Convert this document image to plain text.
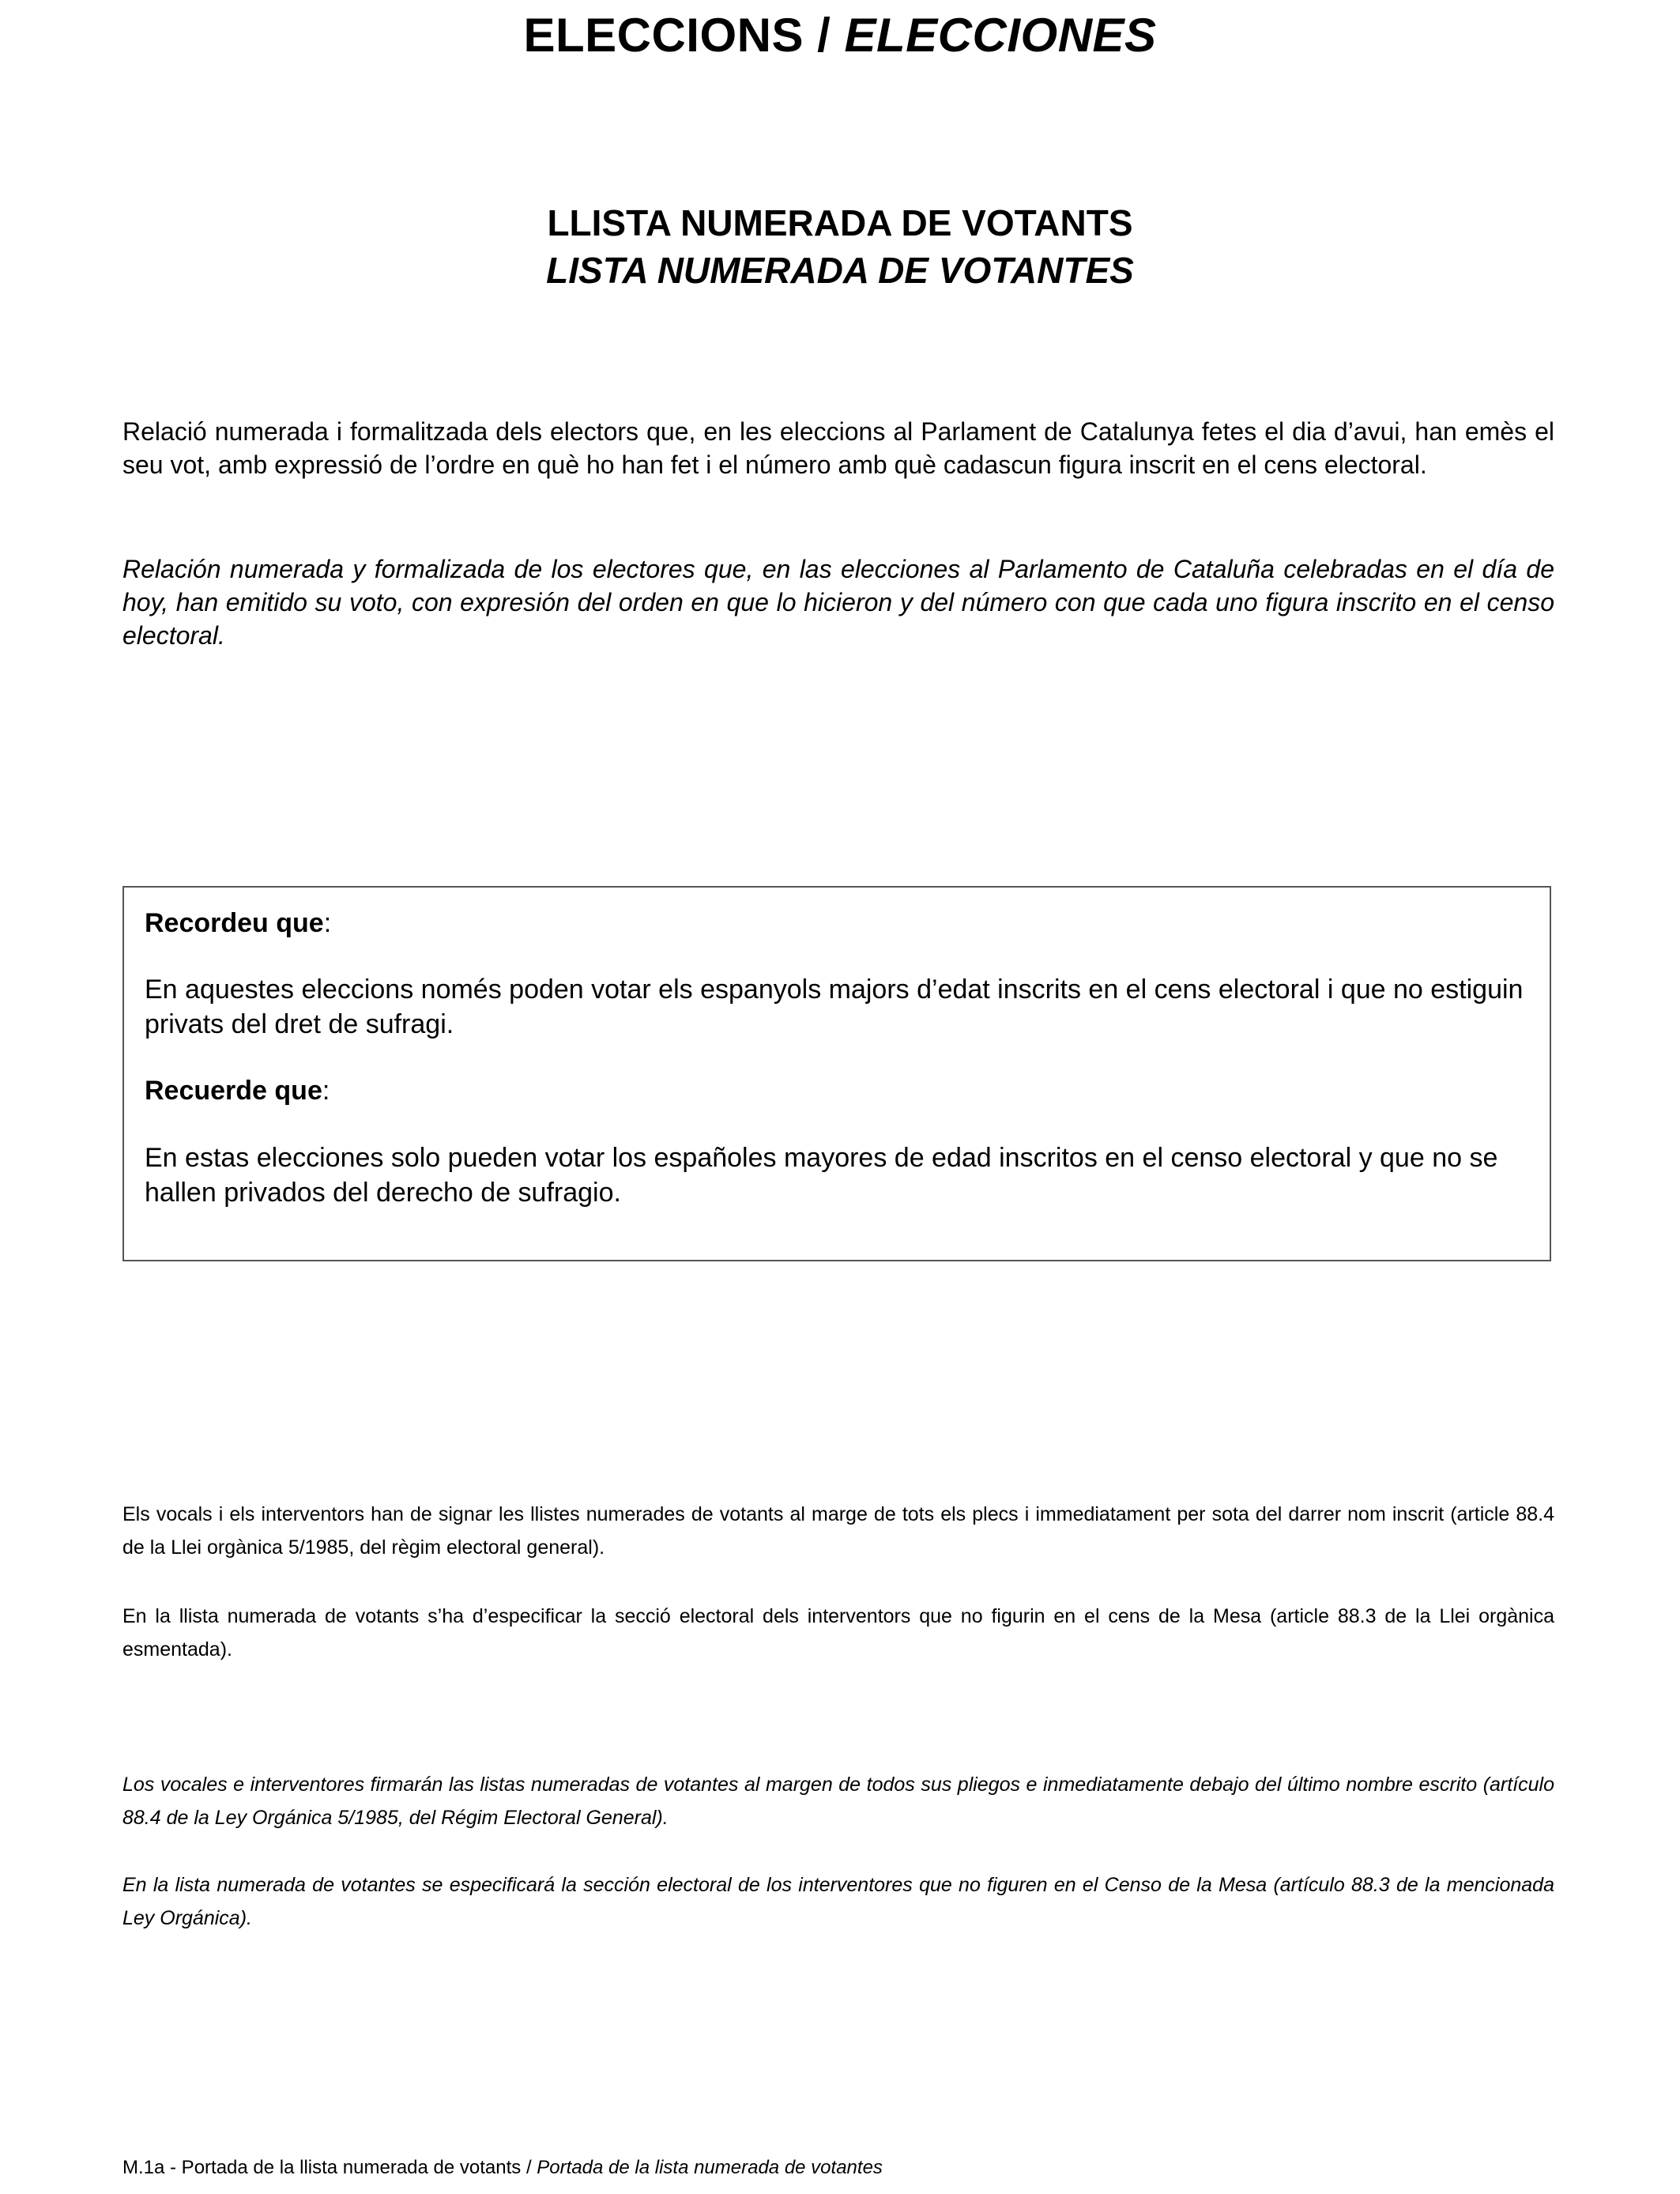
ELECCIONS / ELECCIONES
LLISTA NUMERADA DE VOTANTS
LISTA NUMERADA DE VOTANTES
Relació numerada i formalitzada dels electors que, en les eleccions al Parlament de Catalunya fetes el dia d’avui, han emès el seu vot, amb expressió de l’ordre en què ho han fet i el número amb què cadascun figura inscrit en el cens electoral.
Relación numerada y formalizada de los electores que, en las elecciones al Parlamento de Cataluña celebradas en el día de hoy, han emitido su voto, con expresión del orden en que lo hicieron y del número con que cada uno figura inscrito en el censo electoral.
Recordeu que:
En aquestes eleccions només poden votar els espanyols majors d’edat inscrits en el cens electoral i que no estiguin privats del dret de sufragi.
Recuerde que:
En estas elecciones solo pueden votar los españoles mayores de edad inscritos en el censo electoral y que no se hallen privados del derecho de sufragio.
Els vocals i els interventors han de signar les llistes numerades de votants al marge de tots els plecs i immediatament per sota del darrer nom inscrit (article 88.4 de la Llei orgànica 5/1985, del règim electoral general).
En la llista numerada de votants s’ha d’especificar la secció electoral dels interventors que no figurin en el cens de la Mesa (article 88.3 de la Llei orgànica esmentada).
Los vocales e interventores firmarán las listas numeradas de votantes al margen de todos sus pliegos e inmediatamente debajo del último nombre escrito (artículo 88.4 de la Ley Orgánica 5/1985, del Régim Electoral General).
En la lista numerada de votantes se especificará la sección electoral de los interventores que no figuren en el Censo de la Mesa (artículo 88.3 de la mencionada Ley Orgánica).
M.1a - Portada de la llista numerada de votants / Portada de la lista numerada de votantes
